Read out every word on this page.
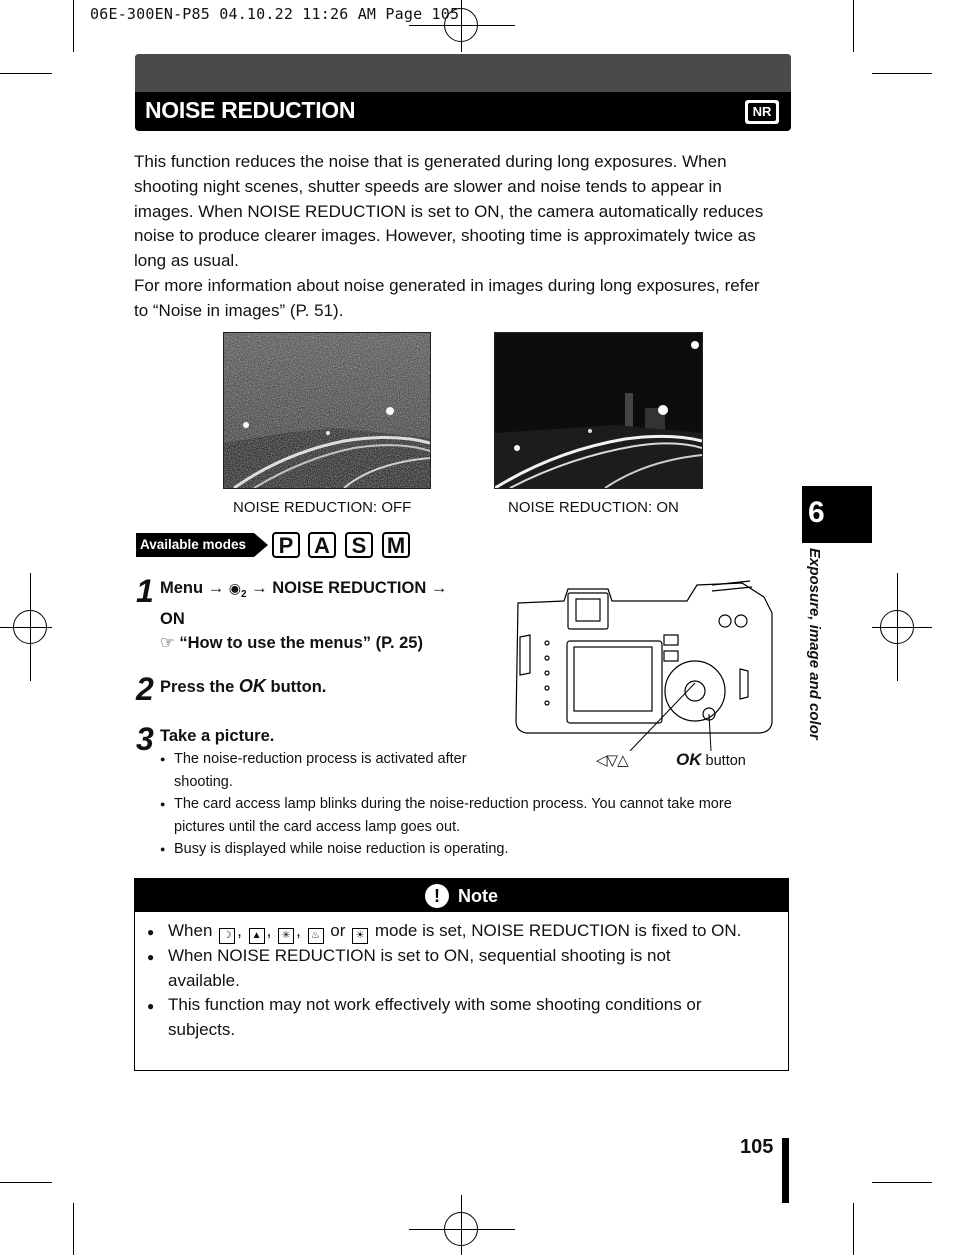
06E-300EN-P85 04.10.22 11:26 AM Page 105
NOISE REDUCTION	NR

This function reduces the noise that is generated during long exposures. When shooting night scenes, shutter speeds are slower and noise tends to appear in images. When NOISE REDUCTION is set to ON, the camera automatically reduces noise to produce clearer images. However, shooting time is approximately twice as long as usual.

For more information about noise generated in images during long exposures, refer to “Noise in images” (P. 51).

NOISE REDUCTION: OFF	NOISE REDUCTION: ON
Available modes	P A S M
1 Menu → $◉_2$ → NOISE REDUCTION →
ON
☞ “How to use the menus” (P. 25)
2 Press the OK button.
3 Take a picture.
● The noise-reduction process is activated after shooting.
● The card access lamp blinks during the noise-reduction process. You cannot take more pictures until the card access lamp goes out.
● Busy is displayed while noise reduction is operating.
◁▽△	OK button
!	Note
● When ☽ , ▲ , ✳ , ♨ or ☀ mode is set, NOISE REDUCTION is fixed to ON.
● When NOISE REDUCTION is set to ON, sequential shooting is not available.
● This function may not work effectively with some shooting conditions or subjects.
6
Exposure, image and color
105
